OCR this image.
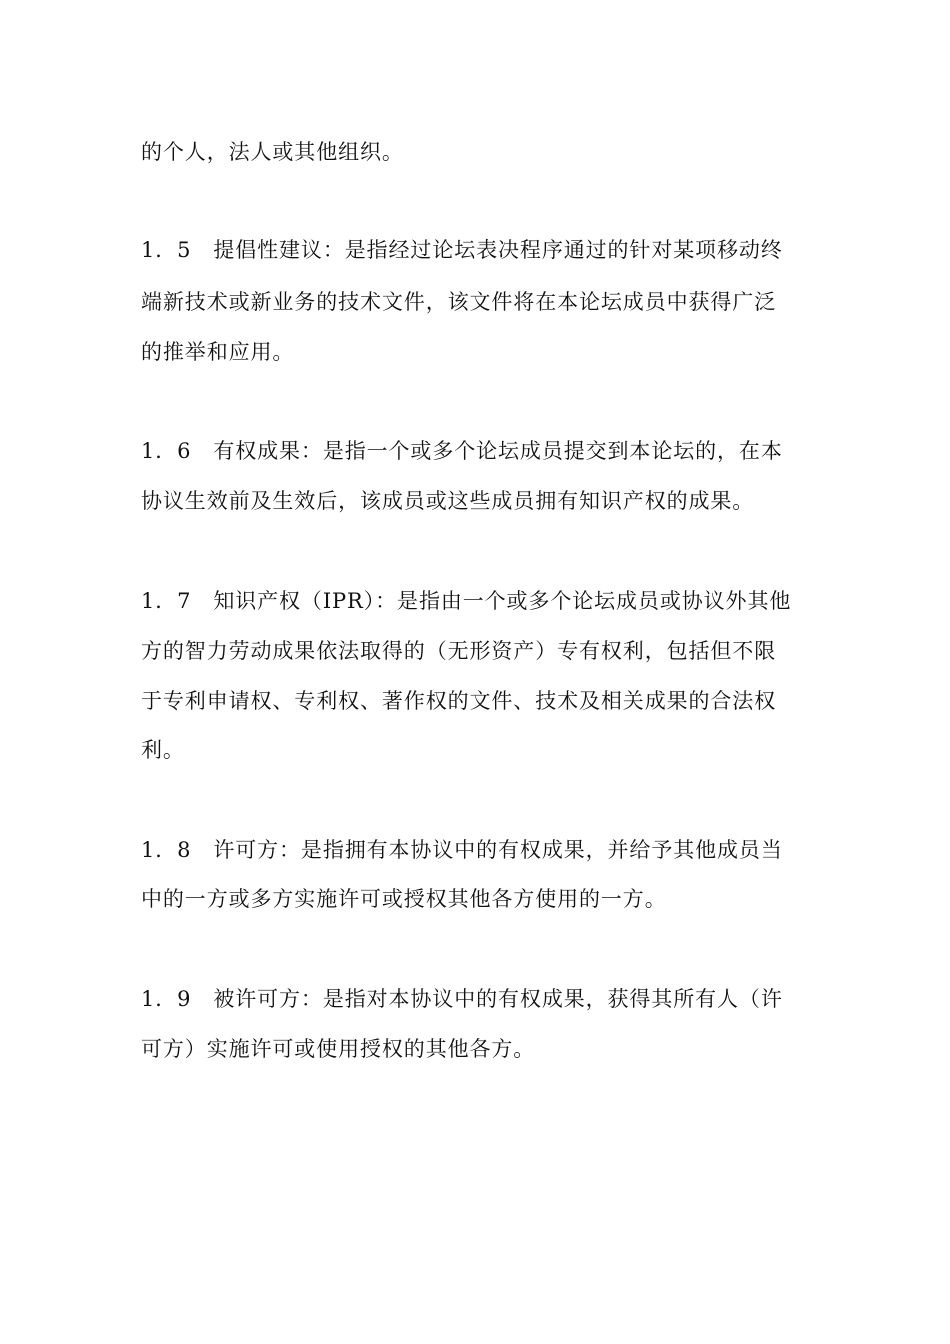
的个人，法人或其他组织。
1．5　提倡性建议：是指经过论坛表决程序通过的针对某项移动终
端新技术或新业务的技术文件，该文件将在本论坛成员中获得广泛
的推举和应用。
1．6　有权成果：是指一个或多个论坛成员提交到本论坛的，在本
协议生效前及生效后，该成员或这些成员拥有知识产权的成果。
1．7　知识产权（IPR）：是指由一个或多个论坛成员或协议外其他
方的智力劳动成果依法取得的（无形资产）专有权利，包括但不限
于专利申请权、专利权、著作权的文件、技术及相关成果的合法权
利。
1．8　许可方：是指拥有本协议中的有权成果，并给予其他成员当
中的一方或多方实施许可或授权其他各方使用的一方。
1．9　被许可方：是指对本协议中的有权成果，获得其所有人（许
可方）实施许可或使用授权的其他各方。
